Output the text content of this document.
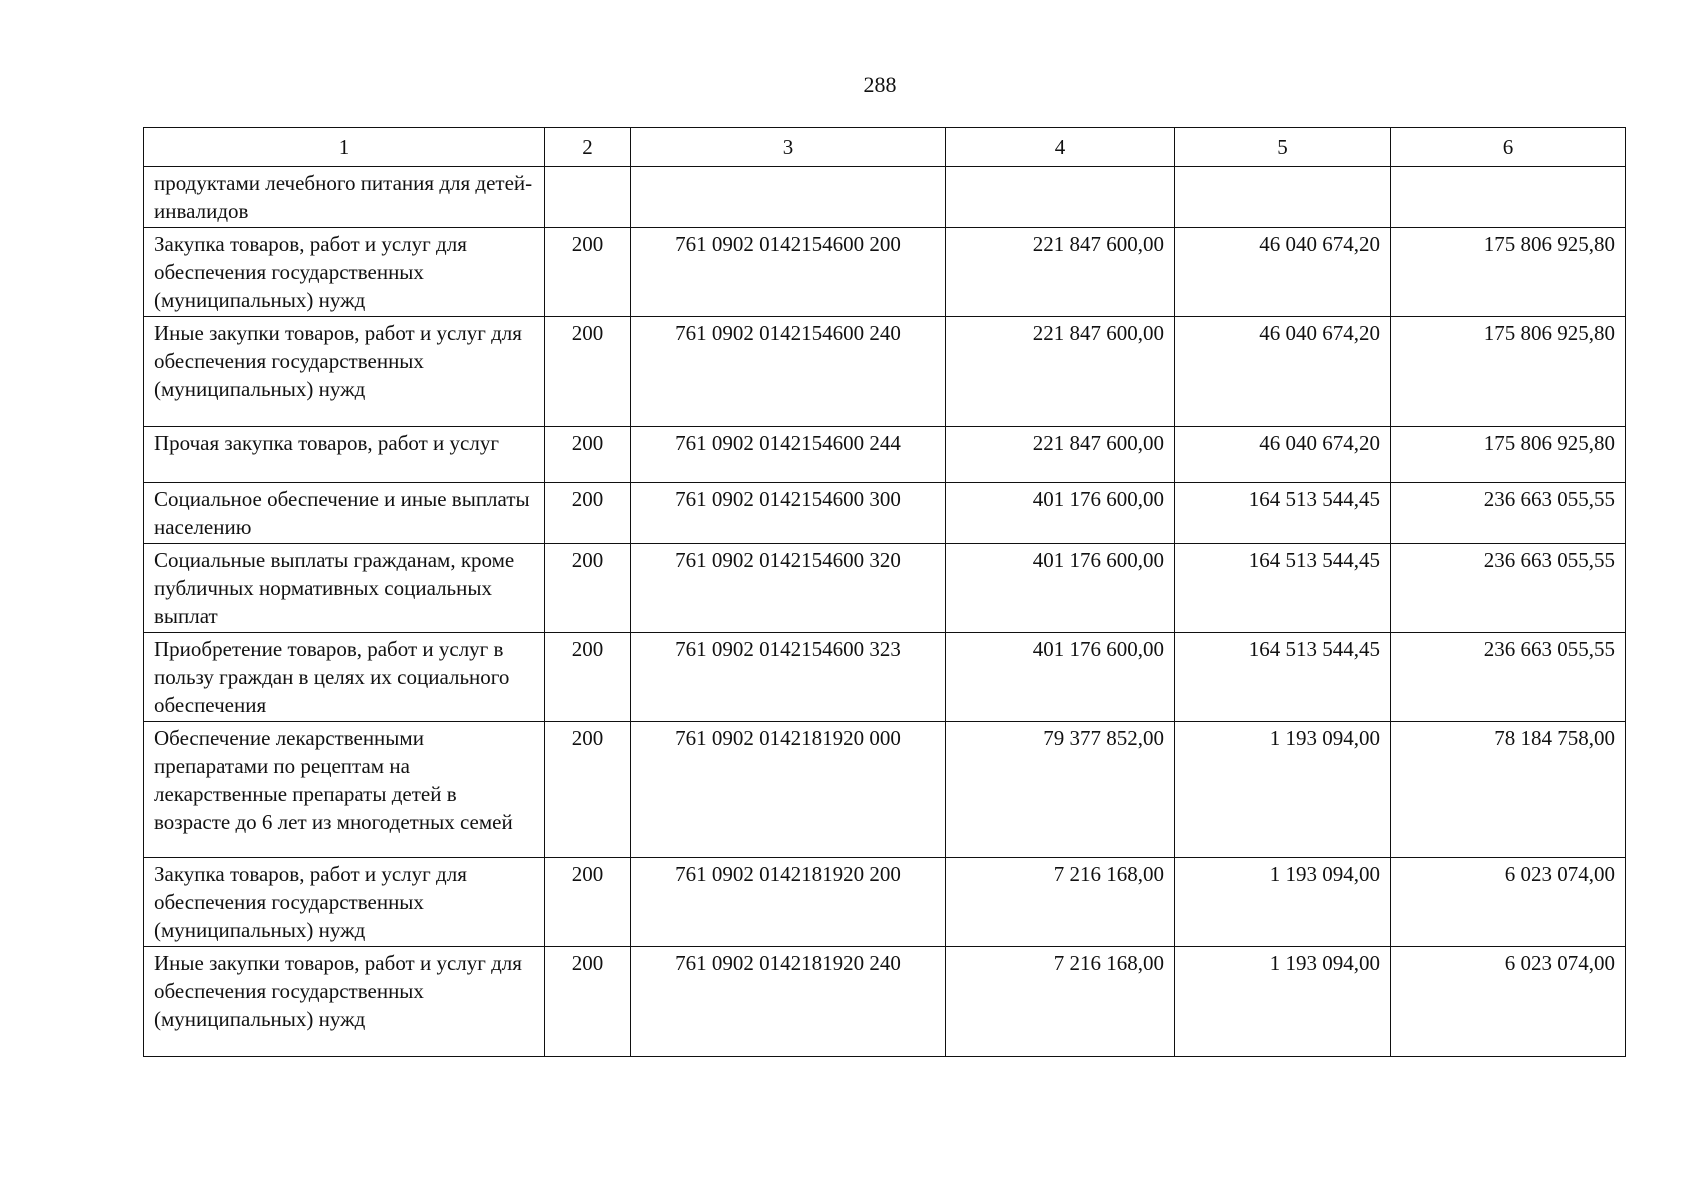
288
1	2	3	4	5	6
продуктами лечебного питания для детей-инвалидов					
Закупка товаров, работ и услуг для обеспечения государственных (муниципальных) нужд	200	761 0902 0142154600 200	221 847 600,00	46 040 674,20	175 806 925,80
Иные закупки товаров, работ и услуг для обеспечения государственных (муниципальных) нужд	200	761 0902 0142154600 240	221 847 600,00	46 040 674,20	175 806 925,80
Прочая закупка товаров, работ и услуг	200	761 0902 0142154600 244	221 847 600,00	46 040 674,20	175 806 925,80
Социальное обеспечение и иные выплаты населению	200	761 0902 0142154600 300	401 176 600,00	164 513 544,45	236 663 055,55
Социальные выплаты гражданам, кроме публичных нормативных социальных выплат	200	761 0902 0142154600 320	401 176 600,00	164 513 544,45	236 663 055,55
Приобретение товаров, работ и услуг в пользу граждан в целях их социального обеспечения	200	761 0902 0142154600 323	401 176 600,00	164 513 544,45	236 663 055,55
Обеспечение лекарственными препаратами по рецептам на лекарственные препараты детей в возрасте до 6 лет из многодетных семей	200	761 0902 0142181920 000	79 377 852,00	1 193 094,00	78 184 758,00
Закупка товаров, работ и услуг для обеспечения государственных (муниципальных) нужд	200	761 0902 0142181920 200	7 216 168,00	1 193 094,00	6 023 074,00
Иные закупки товаров, работ и услуг для обеспечения государственных (муниципальных) нужд	200	761 0902 0142181920 240	7 216 168,00	1 193 094,00	6 023 074,00
